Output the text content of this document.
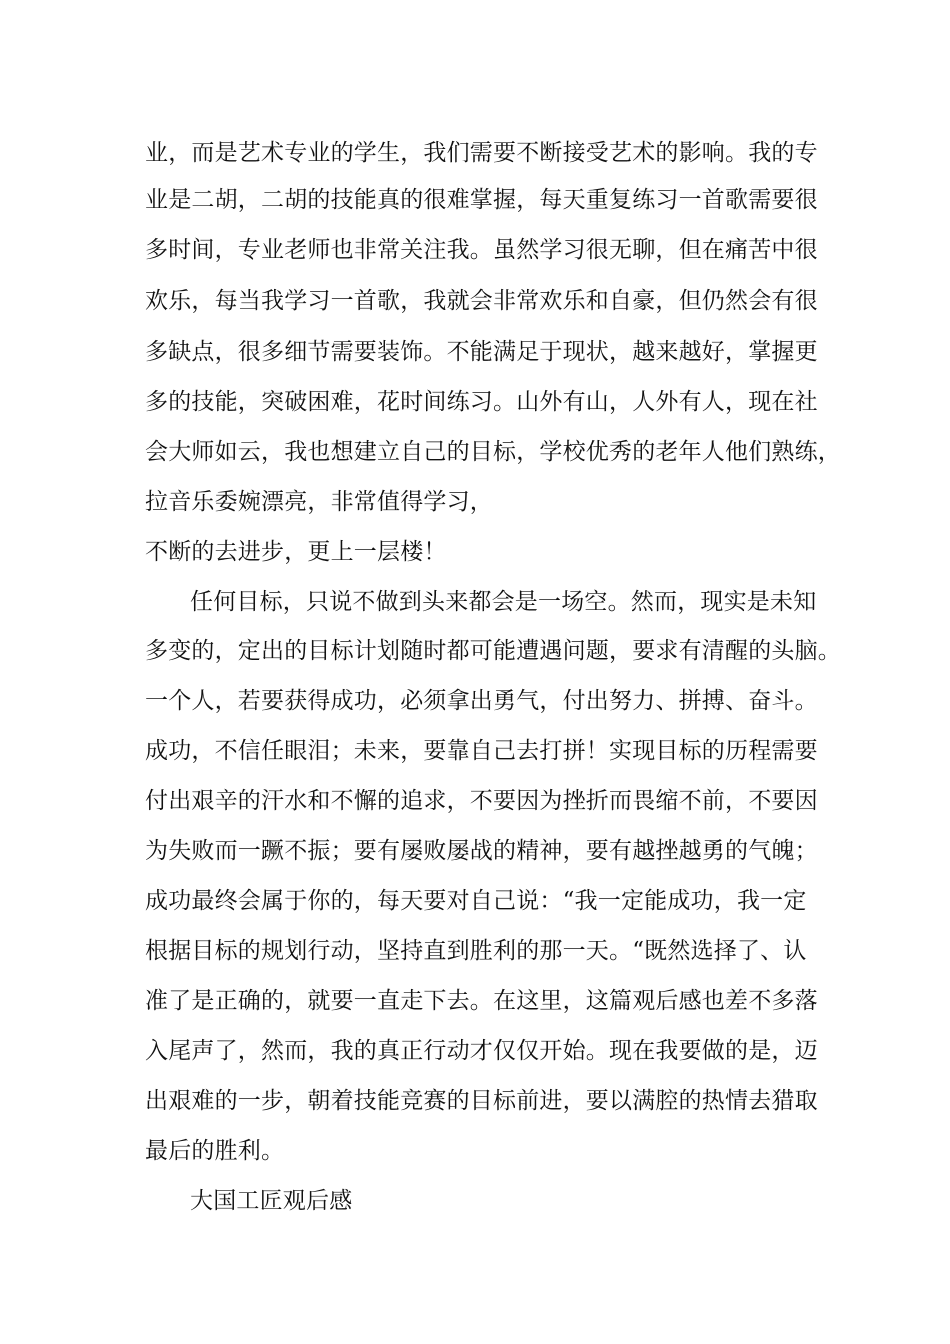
业，而是艺术专业的学生，我们需要不断接受艺术的影响。我的专
业是二胡，二胡的技能真的很难掌握，每天重复练习一首歌需要很
多时间，专业老师也非常关注我。虽然学习很无聊，但在痛苦中很
欢乐，每当我学习一首歌，我就会非常欢乐和自豪，但仍然会有很
多缺点，很多细节需要装饰。不能满足于现状，越来越好，掌握更
多的技能，突破困难，花时间练习。山外有山，人外有人，现在社
会大师如云，我也想建立自己的目标，学校优秀的老年人他们熟练，
拉音乐委婉漂亮，非常值得学习，
不断的去进步，更上一层楼！
任何目标，只说不做到头来都会是一场空。然而，现实是未知
多变的，定出的目标计划随时都可能遭遇问题，要求有清醒的头脑。
一个人，若要获得成功，必须拿出勇气，付出努力、拼搏、奋斗。
成功，不信任眼泪；未来，要靠自己去打拼！实现目标的历程需要
付出艰辛的汗水和不懈的追求，不要因为挫折而畏缩不前，不要因
为失败而一蹶不振；要有屡败屡战的精神，要有越挫越勇的气魄；
成功最终会属于你的，每天要对自己说：“我一定能成功，我一定
根据目标的规划行动，坚持直到胜利的那一天。“既然选择了、认
准了是正确的，就要一直走下去。在这里，这篇观后感也差不多落
入尾声了，然而，我的真正行动才仅仅开始。现在我要做的是，迈
出艰难的一步，朝着技能竞赛的目标前进，要以满腔的热情去猎取
最后的胜利。
大国工匠观后感
